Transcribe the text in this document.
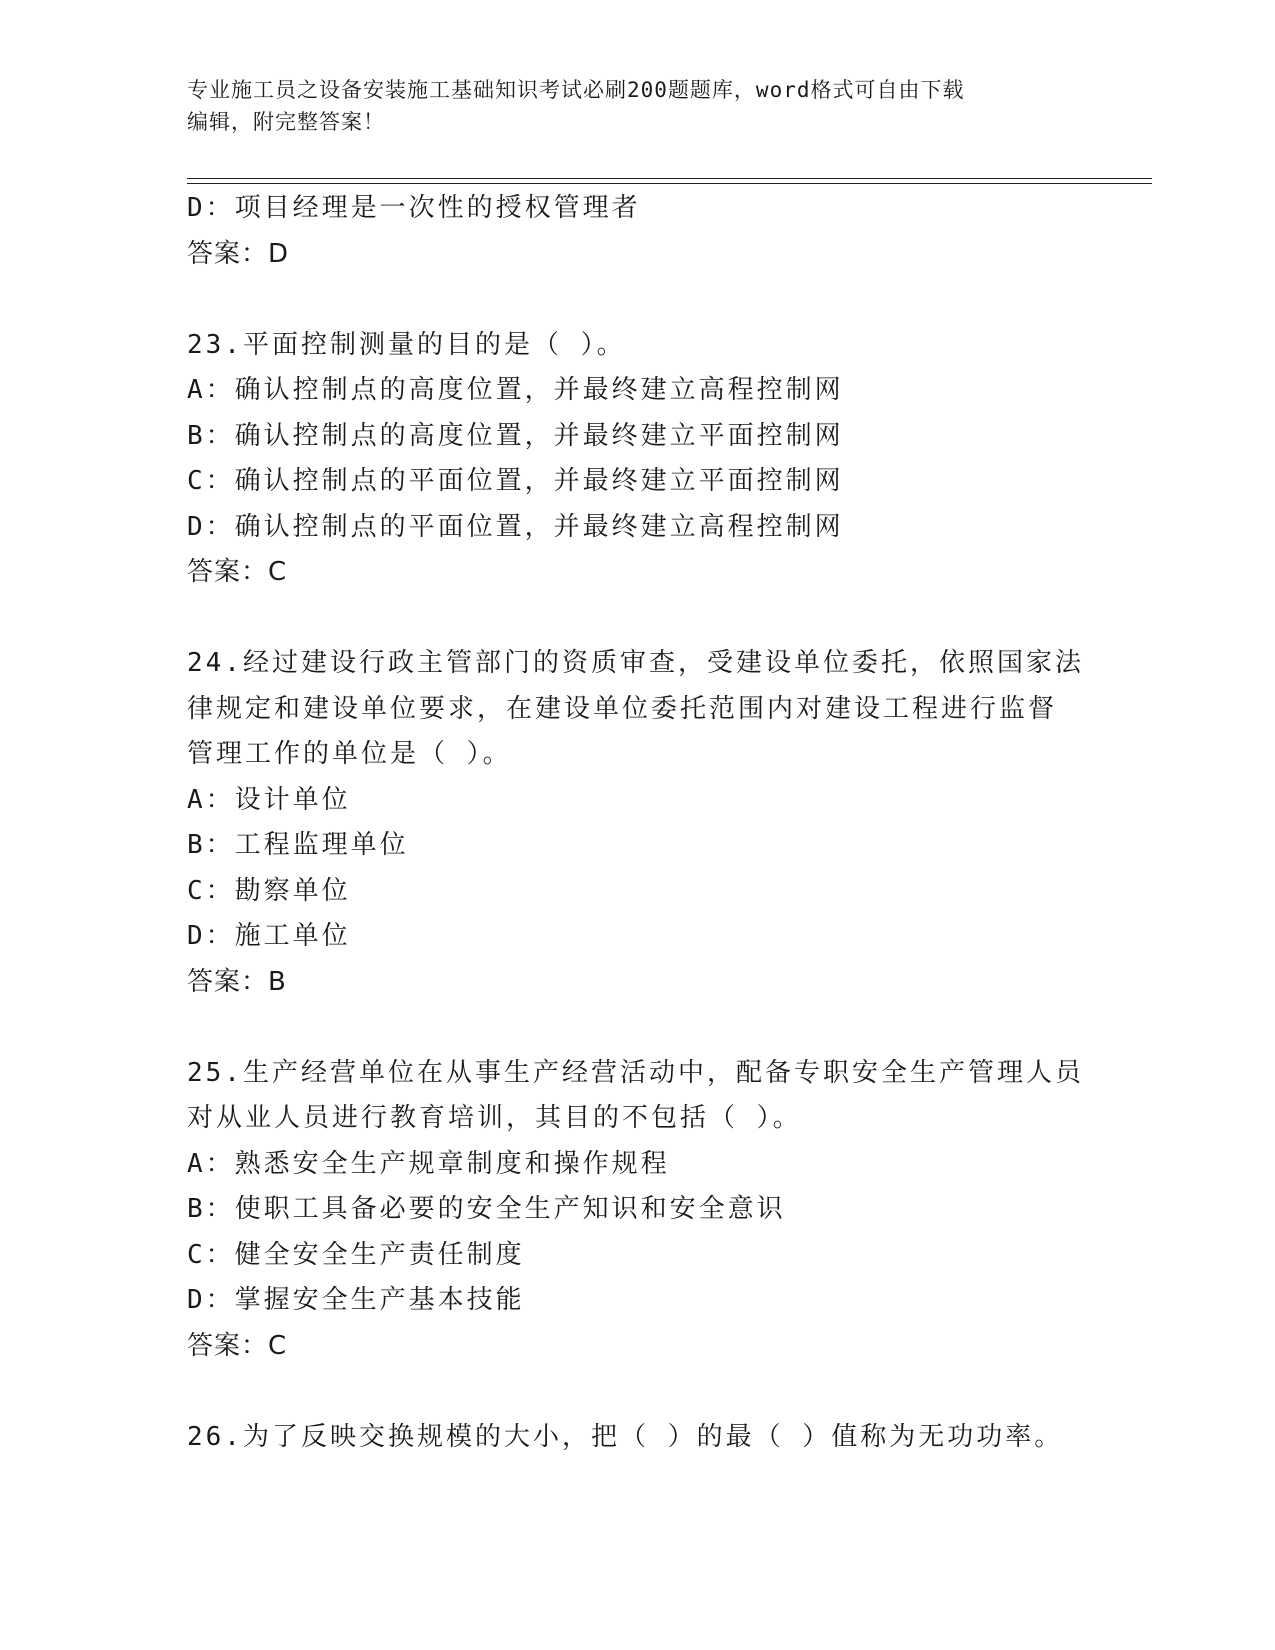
专业施工员之设备安装施工基础知识考试必刷200题题库，word格式可自由下载
编辑，附完整答案！
D：项目经理是一次性的授权管理者
答案：D
23.平面控制测量的目的是（ ）。
A：确认控制点的高度位置，并最终建立高程控制网
B：确认控制点的高度位置，并最终建立平面控制网
C：确认控制点的平面位置，并最终建立平面控制网
D：确认控制点的平面位置，并最终建立高程控制网
答案：C
24.经过建设行政主管部门的资质审查，受建设单位委托，依照国家法
律规定和建设单位要求，在建设单位委托范围内对建设工程进行监督
管理工作的单位是（ ）。
A：设计单位
B：工程监理单位
C：勘察单位
D：施工单位
答案：B
25.生产经营单位在从事生产经营活动中，配备专职安全生产管理人员
对从业人员进行教育培训，其目的不包括（ ）。
A：熟悉安全生产规章制度和操作规程
B：使职工具备必要的安全生产知识和安全意识
C：健全安全生产责任制度
D：掌握安全生产基本技能
答案：C
26.为了反映交换规模的大小，把（ ）的最（ ）值称为无功功率。
